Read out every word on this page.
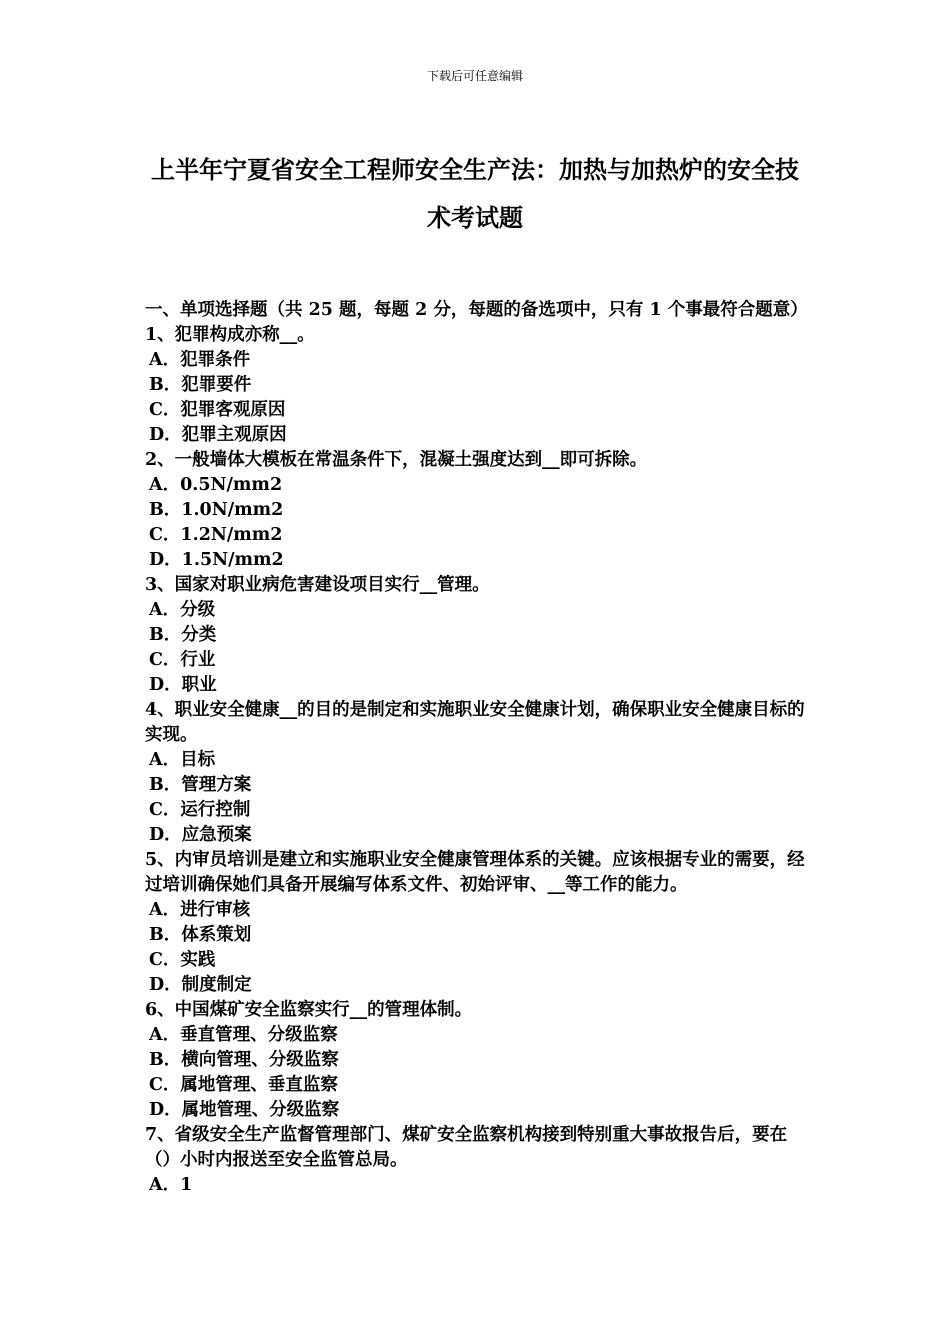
下载后可任意编辑
上半年宁夏省安全工程师安全生产法：加热与加热炉的安全技术考试题

一、单项选择题（共 25 题，每题 2 分，每题的备选项中，只有 1 个事最符合题意）

1、犯罪构成亦称__。

A．犯罪条件

B．犯罪要件

C．犯罪客观原因

D．犯罪主观原因

2、一般墙体大模板在常温条件下，混凝土强度达到__即可拆除。

A．0.5N/mm2

B．1.0N/mm2

C．1.2N/mm2

D．1.5N/mm2

3、国家对职业病危害建设项目实行__管理。

A．分级

B．分类

C．行业

D．职业

4、职业安全健康__的目的是制定和实施职业安全健康计划，确保职业安全健康目标的实现。

A．目标

B．管理方案

C．运行控制

D．应急预案

5、内审员培训是建立和实施职业安全健康管理体系的关键。应该根据专业的需要，经过培训确保她们具备开展编写体系文件、初始评审、__等工作的能力。

A．进行审核

B．体系策划

C．实践

D．制度制定

6、中国煤矿安全监察实行__的管理体制。

A．垂直管理、分级监察

B．横向管理、分级监察

C．属地管理、垂直监察

D．属地管理、分级监察

7、省级安全生产监督管理部门、煤矿安全监察机构接到特别重大事故报告后，要在（）小时内报送至安全监管总局。

A．1
